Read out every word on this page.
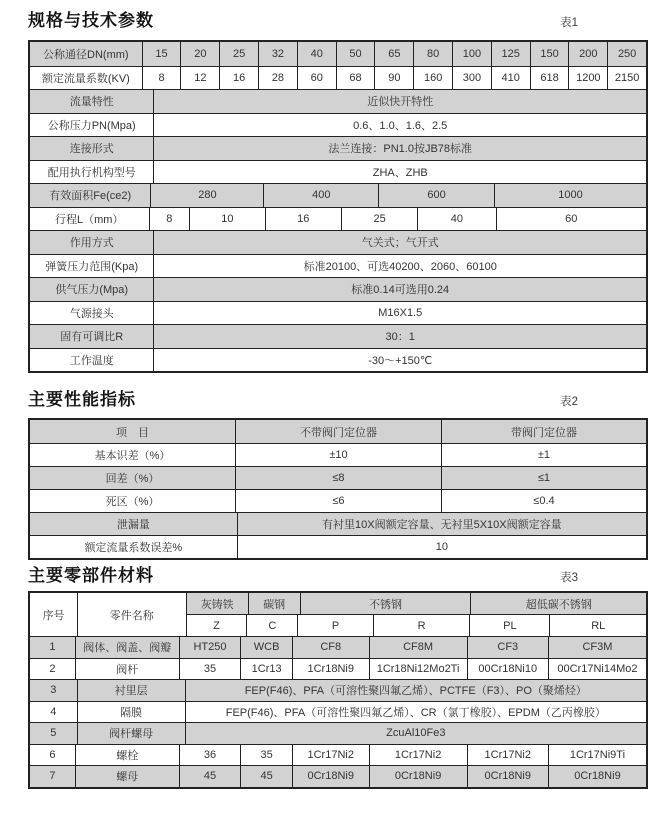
规格与技术参数	表1
公称通径DN(mm)	15	20	25	32	40	50	65	80	100	125	150	200	250
额定流量系数(KV)	8	12	16	28	60	68	90	160	300	410	618	1200	2150
流量特性	近似快开特性
公称压力PN(Mpa)	0.6、1.0、1.6、2.5
连接形式	法兰连接：PN1.0按JB78标准
配用执行机构型号	ZHA、ZHB
有效面积Fe(ce2)	280	400	600	1000
行程L（mm）	8	10	16	25	40	60
作用方式	气关式；气开式
弹簧压力范围(Kpa)	标准20100、可选40200、2060、60100
供气压力(Mpa)	标准0.14可选用0.24
气源接头	M16X1.5
固有可调比R	30：1
工作温度	-30～+150℃
主要性能指标	表2
项　目	不带阀门定位器	带阀门定位器
基本识差（%）	±10	±1
回差（%）	≤8	≤1
死区（%）	≤6	≤0.4
泄漏量	有衬里10X阀额定容量、无衬里5X10X阀额定容量
额定流量系数误差%	10
主要零部件材料	表3
序号	零件名称
灰铸铁	碳钢	不锈钢	超低碳不锈钢
Z	C	P	R	PL	RL
1	阀体、阀盖、阀瓣	HT250	WCB	CF8	CF8M	CF3	CF3M
2	阀杆	35	1Cr13	1Cr18Ni9	1Cr18Ni12Mo2Ti	00Cr18Ni10	00Cr17Ni14Mo2
3	衬里层	FEP(F46)、PFA（可溶性聚四氟乙烯）、PCTFE（F3）、PO（聚烯烃）
4	隔膜	FEP(F46)、PFA（可溶性聚四氟乙烯）、CR（氯丁橡胶）、EPDM（乙丙橡胶）
5	阀杆螺母	ZcuAl10Fe3
6	螺栓	36	35	1Cr17Ni2	1Cr17Ni2	1Cr17Ni2	1Cr17Ni9Ti
7	螺母	45	45	0Cr18Ni9	0Cr18Ni9	0Cr18Ni9	0Cr18Ni9
